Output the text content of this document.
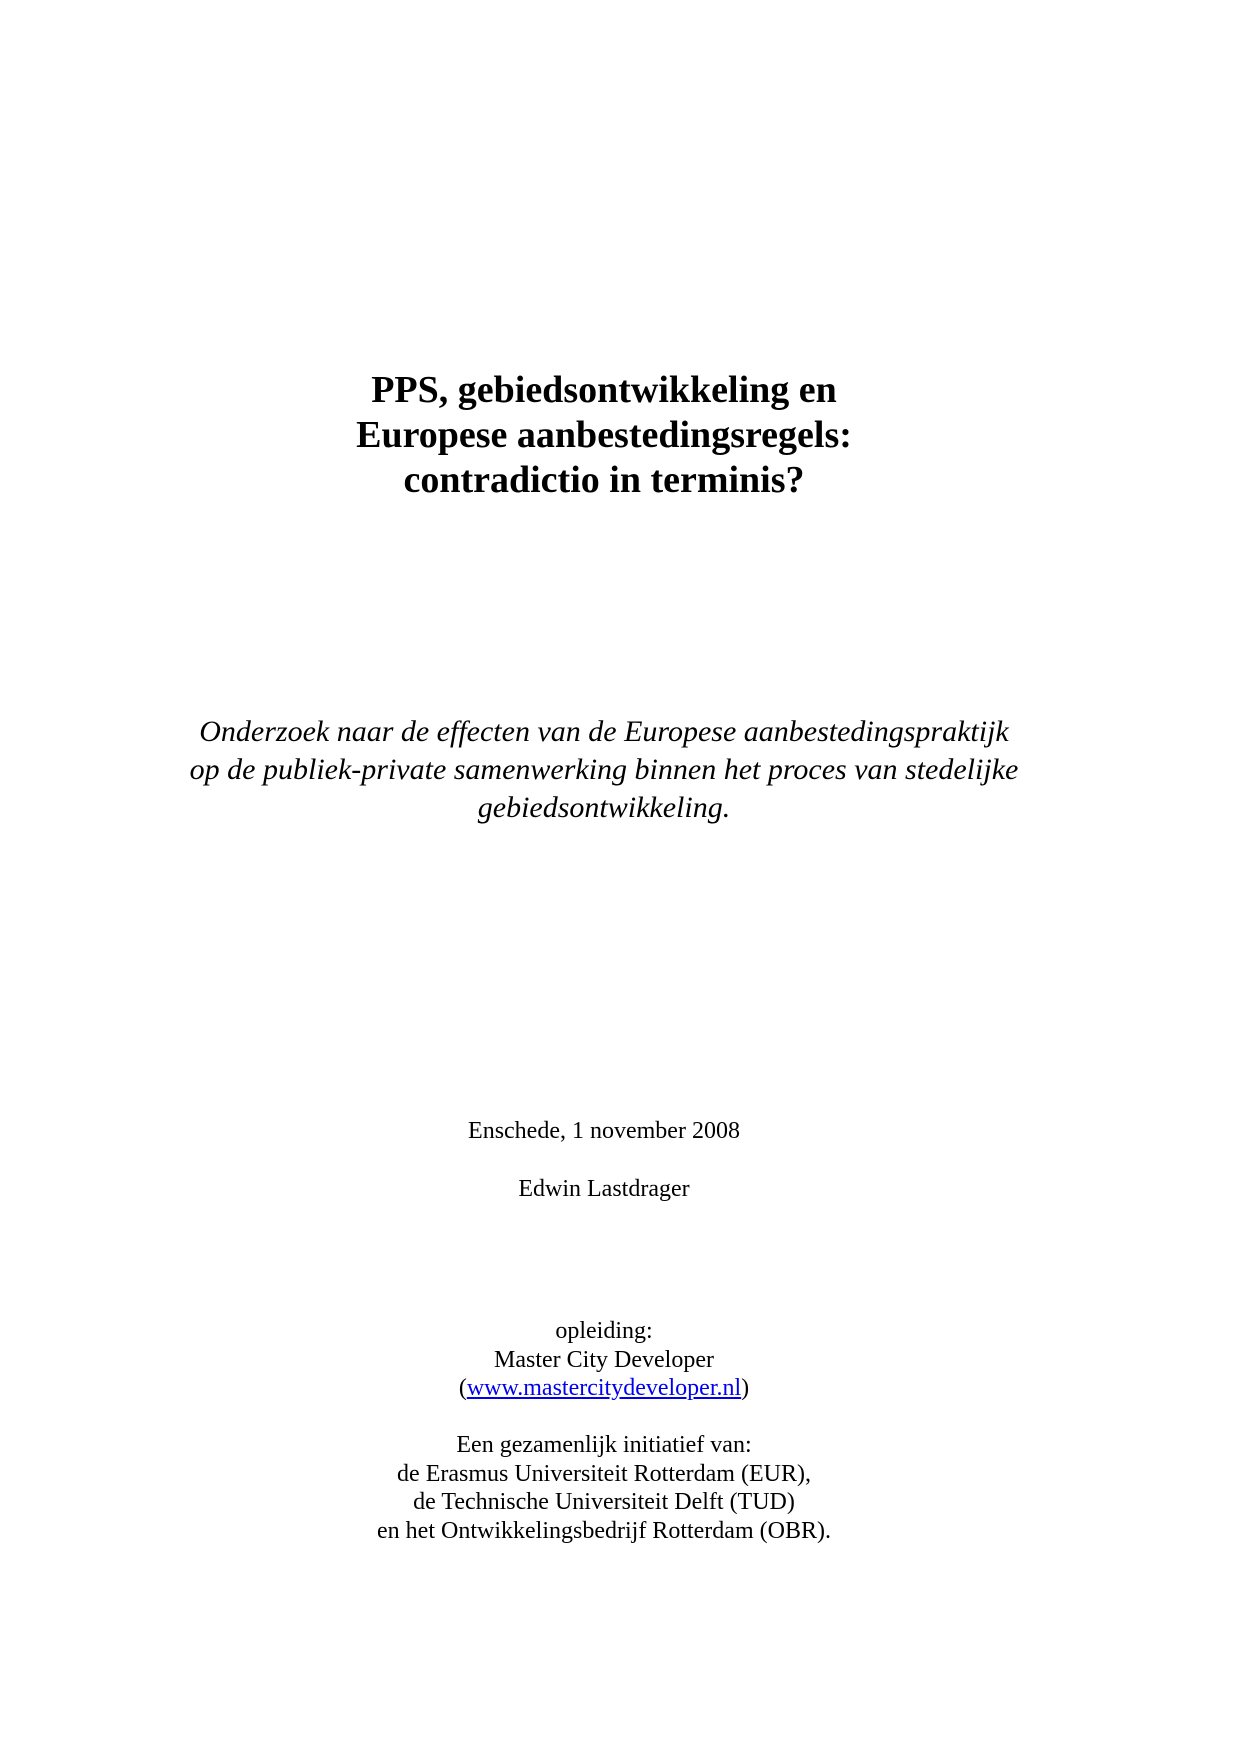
PPS, gebiedsontwikkeling en
Europese aanbestedingsregels:
contradictio in terminis?
Onderzoek naar de effecten van de Europese aanbestedingspraktijk
op de publiek-private samenwerking binnen het proces van stedelijke
gebiedsontwikkeling.
Enschede, 1 november 2008
Edwin Lastdrager
opleiding:
Master City Developer
(www.mastercitydeveloper.nl)
Een gezamenlijk initiatief van:
de Erasmus Universiteit Rotterdam (EUR),
de Technische Universiteit Delft (TUD)
en het Ontwikkelingsbedrijf Rotterdam (OBR).
